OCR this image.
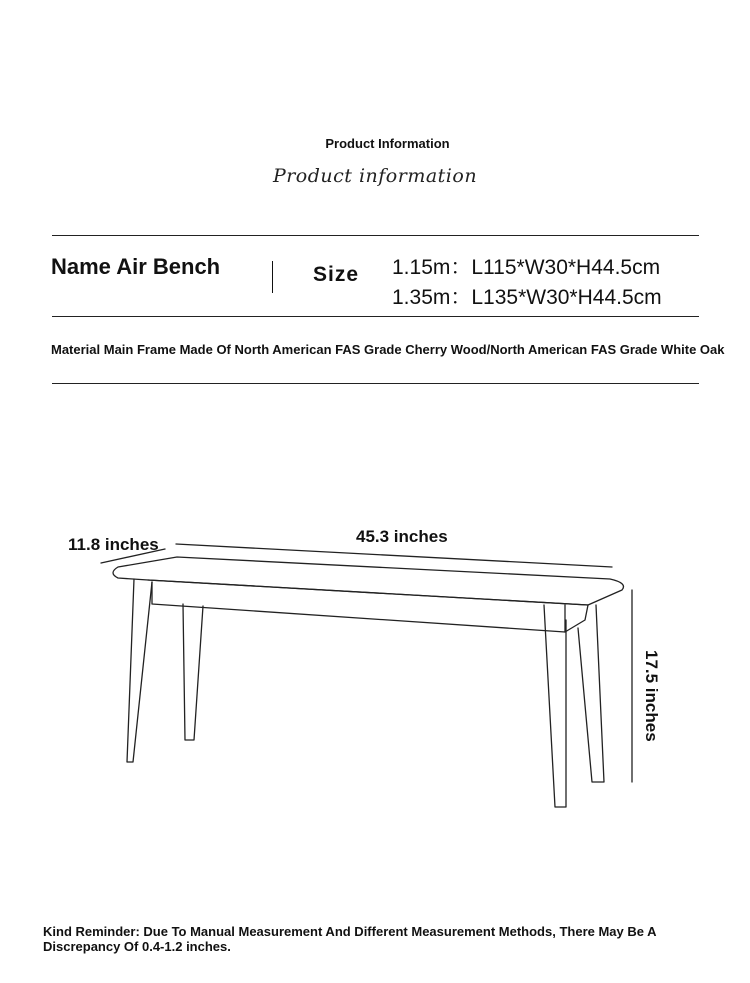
Product Information
Product information
Name Air Bench	Size 1.15m：L115*W30*H44.5cm
1.35m：L135*W30*H44.5cm
Material Main Frame Made Of North American FAS Grade Cherry Wood/North American FAS Grade White Oak
11.8 inches	45.3 inches
17.5 inches
Kind Reminder: Due To Manual Measurement And Different Measurement Methods, There May Be A Discrepancy Of 0.4-1.2 inches.
